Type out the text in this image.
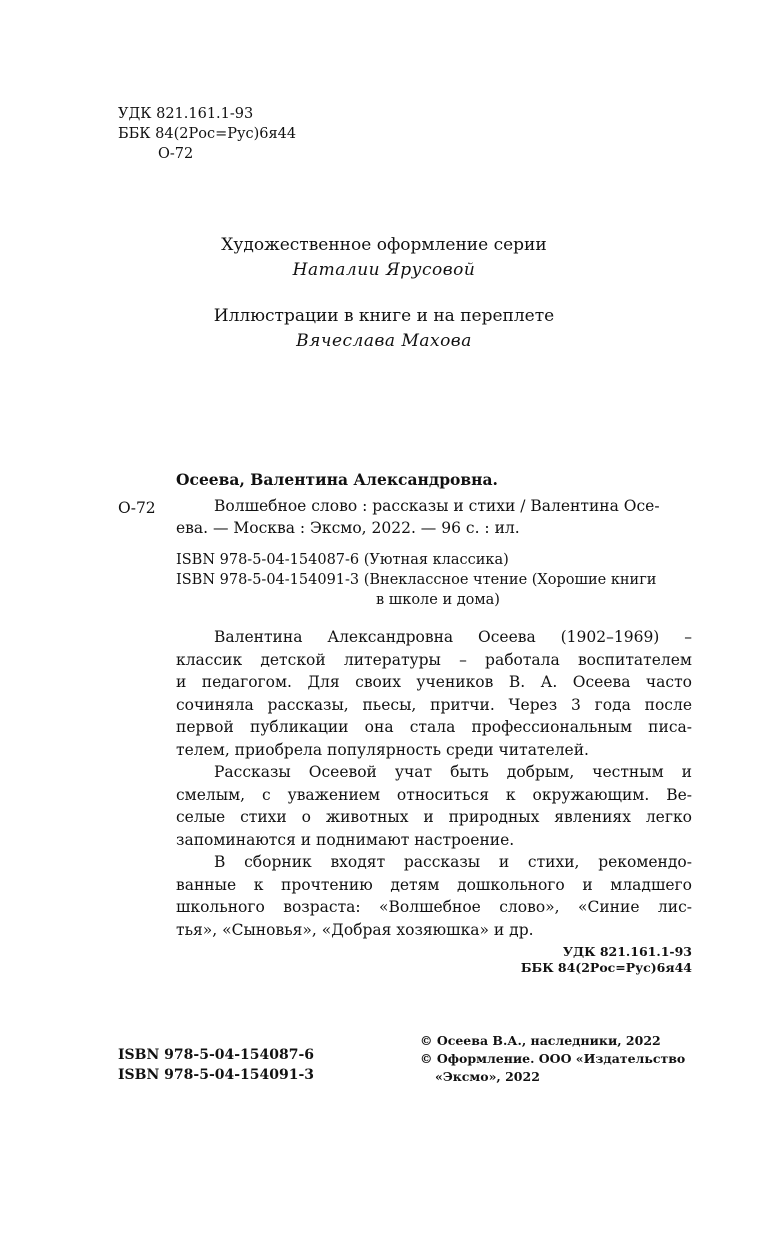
УДК 821.161.1-93
ББК 84(2Рос=Рус)6я44
О-72
Художественное оформление серии
Наталии Ярусовой
Иллюстрации в книге и на переплете
Вячеслава Махова
Осеева, Валентина Александровна.
О-72	Волшебное слово : рассказы и стихи / Валентина Осе-
ева. — Москва : Эксмо, 2022. — 96 с. : ил.
ISBN 978-5-04-154087-6 (Уютная классика)
ISBN 978-5-04-154091-3 (Внеклассное чтение (Хорошие книги
в школе и дома)
Валентина Александровна Осеева (1902–1969) –
классик детской литературы – работала воспитателем
и педагогом. Для своих учеников В. А. Осеева часто
сочиняла рассказы, пьесы, притчи. Через 3 года после
первой публикации она стала профессиональным писа-
телем, приобрела популярность среди читателей.
Рассказы Осеевой учат быть добрым, честным и
смелым, с уважением относиться к окружающим. Ве-
селые стихи о животных и природных явлениях легко
запоминаются и поднимают настроение.
В сборник входят рассказы и стихи, рекомендо-
ванные к прочтению детям дошкольного и младшего
школьного возраста: «Волшебное слово», «Синие лис-
тья», «Сыновья», «Добрая хозяюшка» и др.
УДК 821.161.1-93
ББК 84(2Рос=Рус)6я44
ISBN 978-5-04-154087-6
ISBN 978-5-04-154091-3
© Осеева В.А., наследники, 2022
© Оформление. ООО «Издательство
«Эксмо», 2022
